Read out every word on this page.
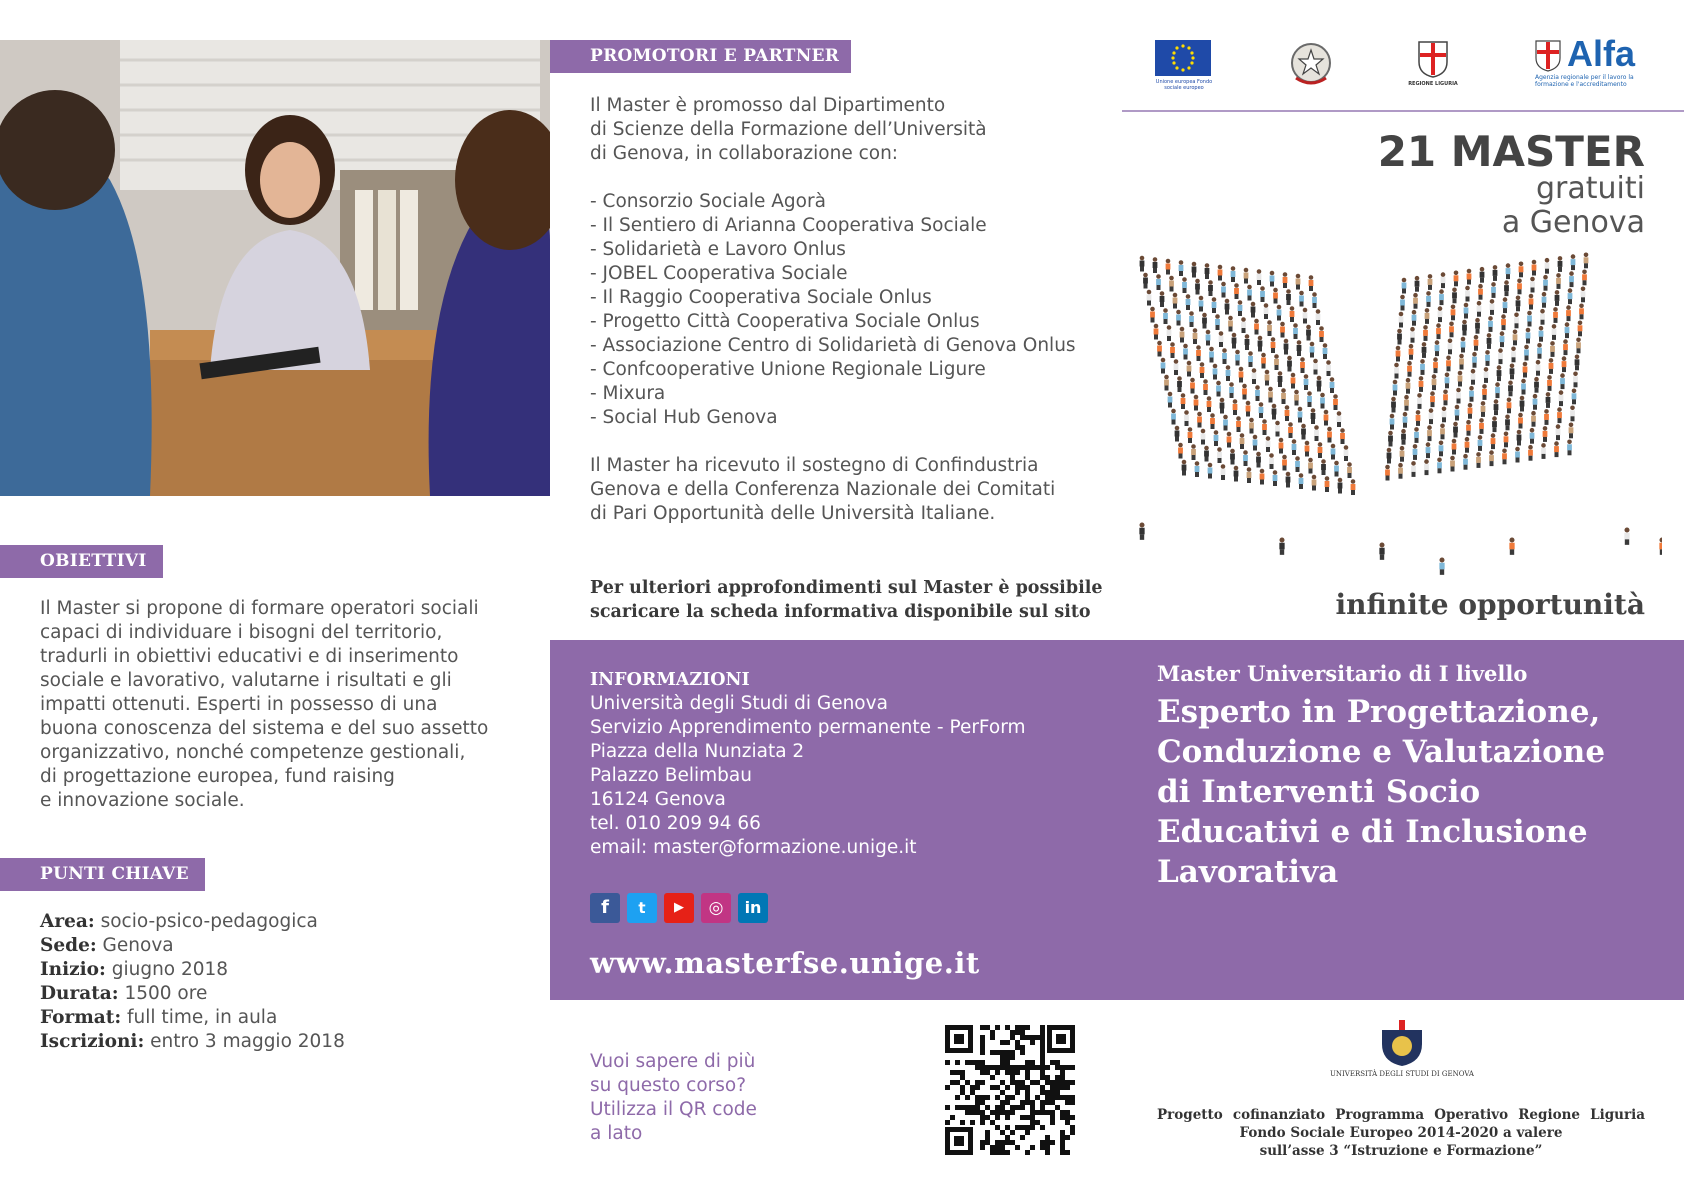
OBIETTIVI

Il Master si propone di formare operatori sociali

capaci di individuare i bisogni del territorio,

tradurli in obiettivi educativi e di inserimento

sociale e lavorativo, valutarne i risultati e gli

impatti ottenuti. Esperti in possesso di una

buona conoscenza del sistema e del suo assetto

organizzativo, nonché competenze gestionali,

di progettazione europea, fund raising

e innovazione sociale.

PUNTI CHIAVE

Area: socio-psico-pedagogica

Sede: Genova

Inizio: giugno 2018

Durata: 1500 ore

Format: full time, in aula

Iscrizioni: entro 3 maggio 2018

PROMOTORI E PARTNER

Il Master è promosso dal Dipartimento

di Scienze della Formazione dell’Università

di Genova, in collaborazione con:

- Consorzio Sociale Agorà

- Il Sentiero di Arianna Cooperativa Sociale

- Solidarietà e Lavoro Onlus

- JOBEL Cooperativa Sociale

- Il Raggio Cooperativa Sociale Onlus

- Progetto Città Cooperativa Sociale Onlus

- Associazione Centro di Solidarietà di Genova Onlus

- Confcooperative Unione Regionale Ligure

- Mixura

- Social Hub Genova

Il Master ha ricevuto il sostegno di Confindustria

Genova e della Conferenza Nazionale dei Comitati

di Pari Opportunità delle Università Italiane.

Per ulteriori approfondimenti sul Master è possibile

scaricare la scheda informativa disponibile sul sito

INFORMAZIONI

Università degli Studi di Genova

Servizio Apprendimento permanente - PerForm

Piazza della Nunziata 2

Palazzo Belimbau

16124 Genova

tel. 010 209 94 66

email: master@formazione.unige.it

f	t	▶	◎	in
www.masterfse.unige.it

Vuoi sapere di più

su questo corso?

Utilizza il QR code

a lato

Unione europea Fondo sociale europeo
REGIONE LIGURIA
Alfa
Agenzia regionale per il lavoro la formazione e l'accreditamento
21 MASTER
gratuiti
a Genova
infinite opportunità
Master Universitario di I livello

Esperto in Progettazione,

Conduzione e Valutazione

di Interventi Socio

Educativi e di Inclusione

Lavorativa

UNIVERSITÀ DEGLI STUDI DI GENOVA

Progetto cofinanziato Programma Operativo Regione Liguria

Fondo Sociale Europeo 2014-2020 a valere

sull’asse 3 “Istruzione e Formazione”
